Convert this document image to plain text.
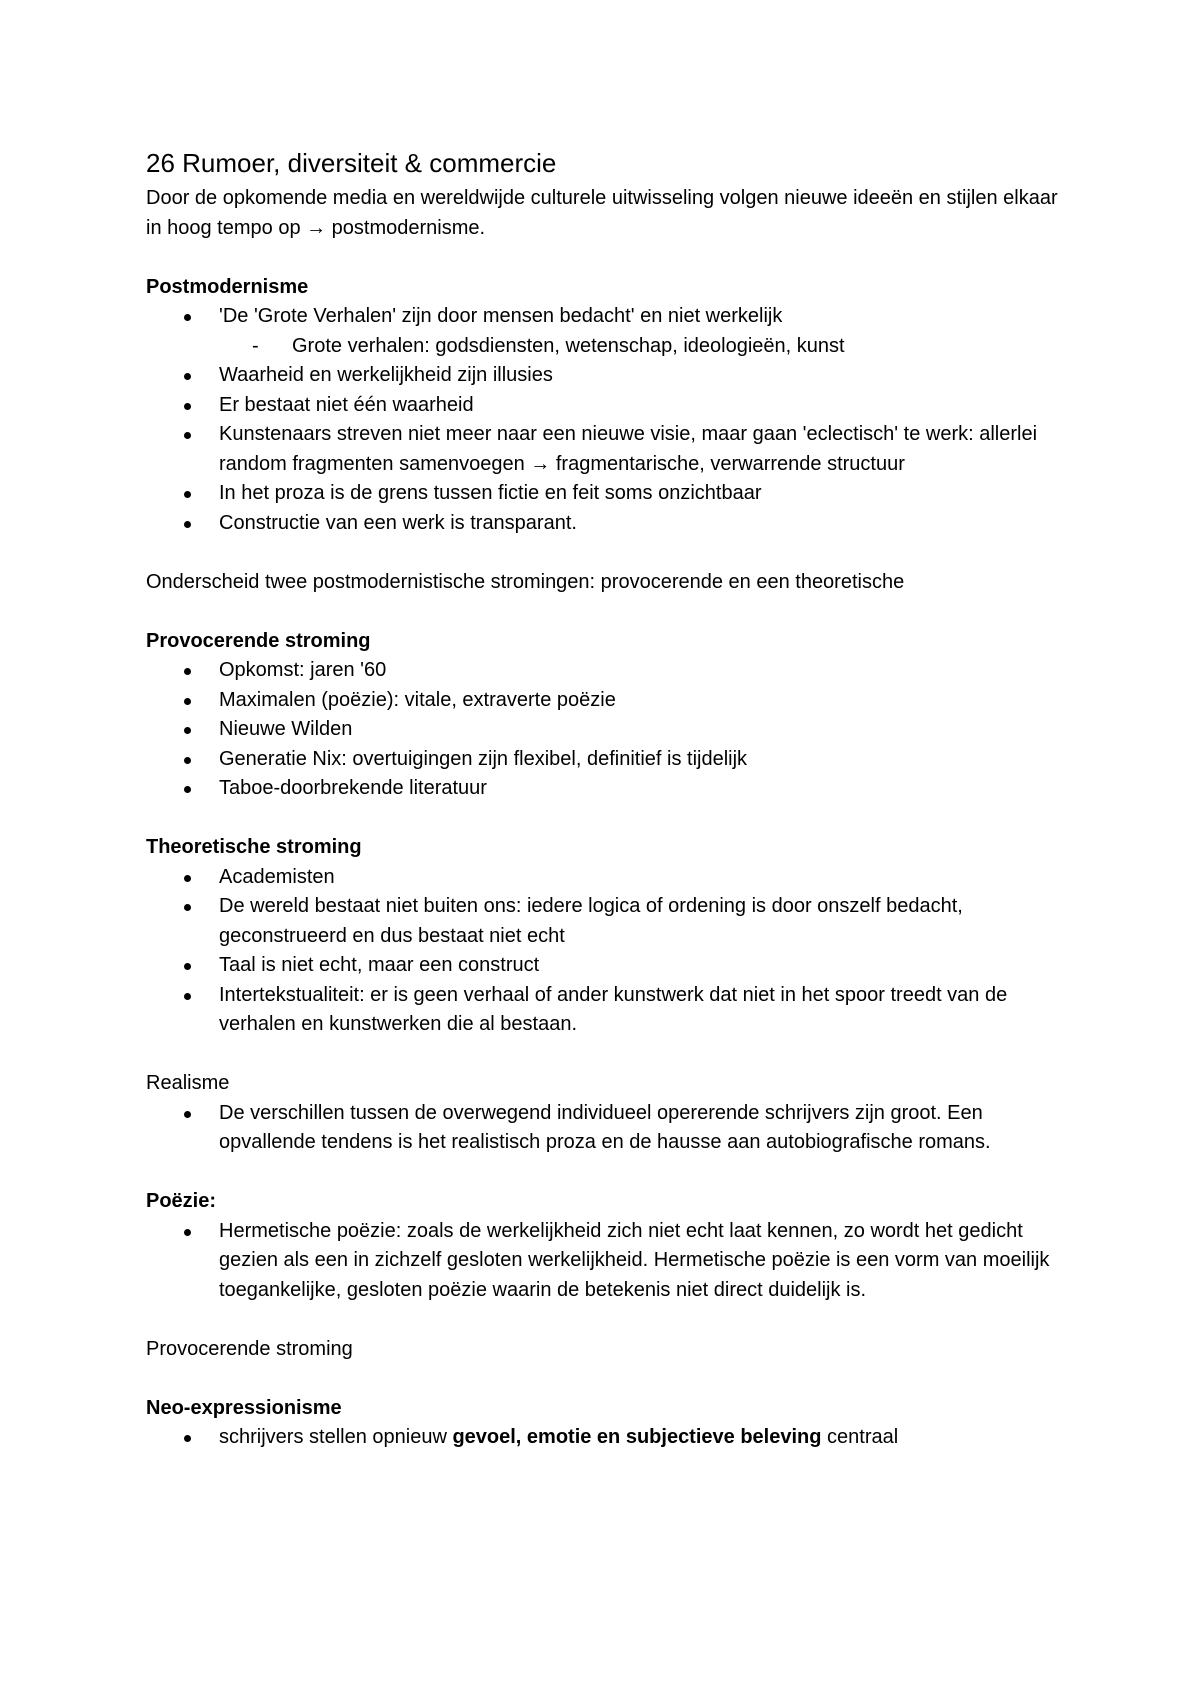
26 Rumoer, diversiteit & commercie

Door de opkomende media en wereldwijde culturele uitwisseling volgen nieuwe ideeën en stijlen elkaar in hoog tempo op → postmodernisme.

Postmodernisme

'De 'Grote Verhalen' zijn door mensen bedacht' en niet werkelijk
- Grote verhalen: godsdiensten, wetenschap, ideologieën, kunst
Waarheid en werkelijkheid zijn illusies
Er bestaat niet één waarheid
Kunstenaars streven niet meer naar een nieuwe visie, maar gaan 'eclectisch' te werk: allerlei random fragmenten samenvoegen → fragmentarische, verwarrende structuur
In het proza is de grens tussen fictie en feit soms onzichtbaar
Constructie van een werk is transparant.

Onderscheid twee postmodernistische stromingen: provocerende en een theoretische

Provocerende stroming

Opkomst: jaren '60
Maximalen (poëzie): vitale, extraverte poëzie
Nieuwe Wilden
Generatie Nix: overtuigingen zijn flexibel, definitief is tijdelijk
Taboe-doorbrekende literatuur

Theoretische stroming

Academisten
De wereld bestaat niet buiten ons: iedere logica of ordening is door onszelf bedacht, geconstrueerd en dus bestaat niet echt
Taal is niet echt, maar een construct
Intertekstualiteit: er is geen verhaal of ander kunstwerk dat niet in het spoor treedt van de verhalen en kunstwerken die al bestaan.

Realisme

De verschillen tussen de overwegend individueel opererende schrijvers zijn groot. Een opvallende tendens is het realistisch proza en de hausse aan autobiografische romans.

Poëzie:

Hermetische poëzie: zoals de werkelijkheid zich niet echt laat kennen, zo wordt het gedicht gezien als een in zichzelf gesloten werkelijkheid. Hermetische poëzie is een vorm van moeilijk toegankelijke, gesloten poëzie waarin de betekenis niet direct duidelijk is.

Provocerende stroming

Neo-expressionisme

schrijvers stellen opnieuw gevoel, emotie en subjectieve beleving centraal
